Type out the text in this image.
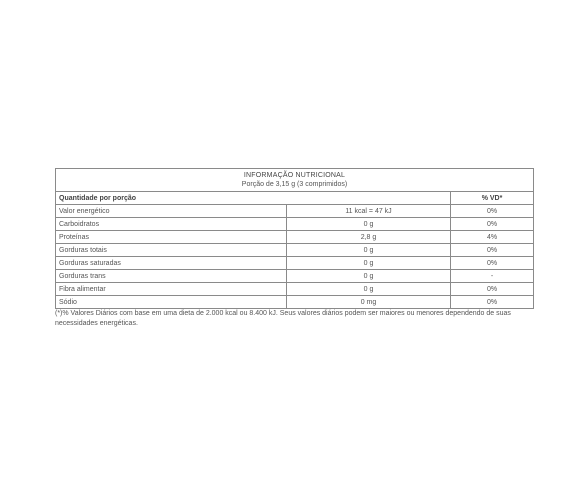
INFORMAÇÃO NUTRICIONAL
Porção de 3,15 g (3 comprimidos)		

Quantidade por porção		% VD*
Valor energético	11 kcal = 47 kJ	0%
Carboidratos	0 g	0%
Proteínas	2,8 g	4%
Gorduras totais	0 g	0%
Gorduras saturadas	0 g	0%
Gorduras trans	0 g	-
Fibra alimentar	0 g	0%
Sódio	0 mg	0%

(*)% Valores Diários com base em uma dieta de 2.000 kcal ou 8.400 kJ. Seus valores diários podem ser maiores ou menores dependendo de suas necessidades energéticas.
